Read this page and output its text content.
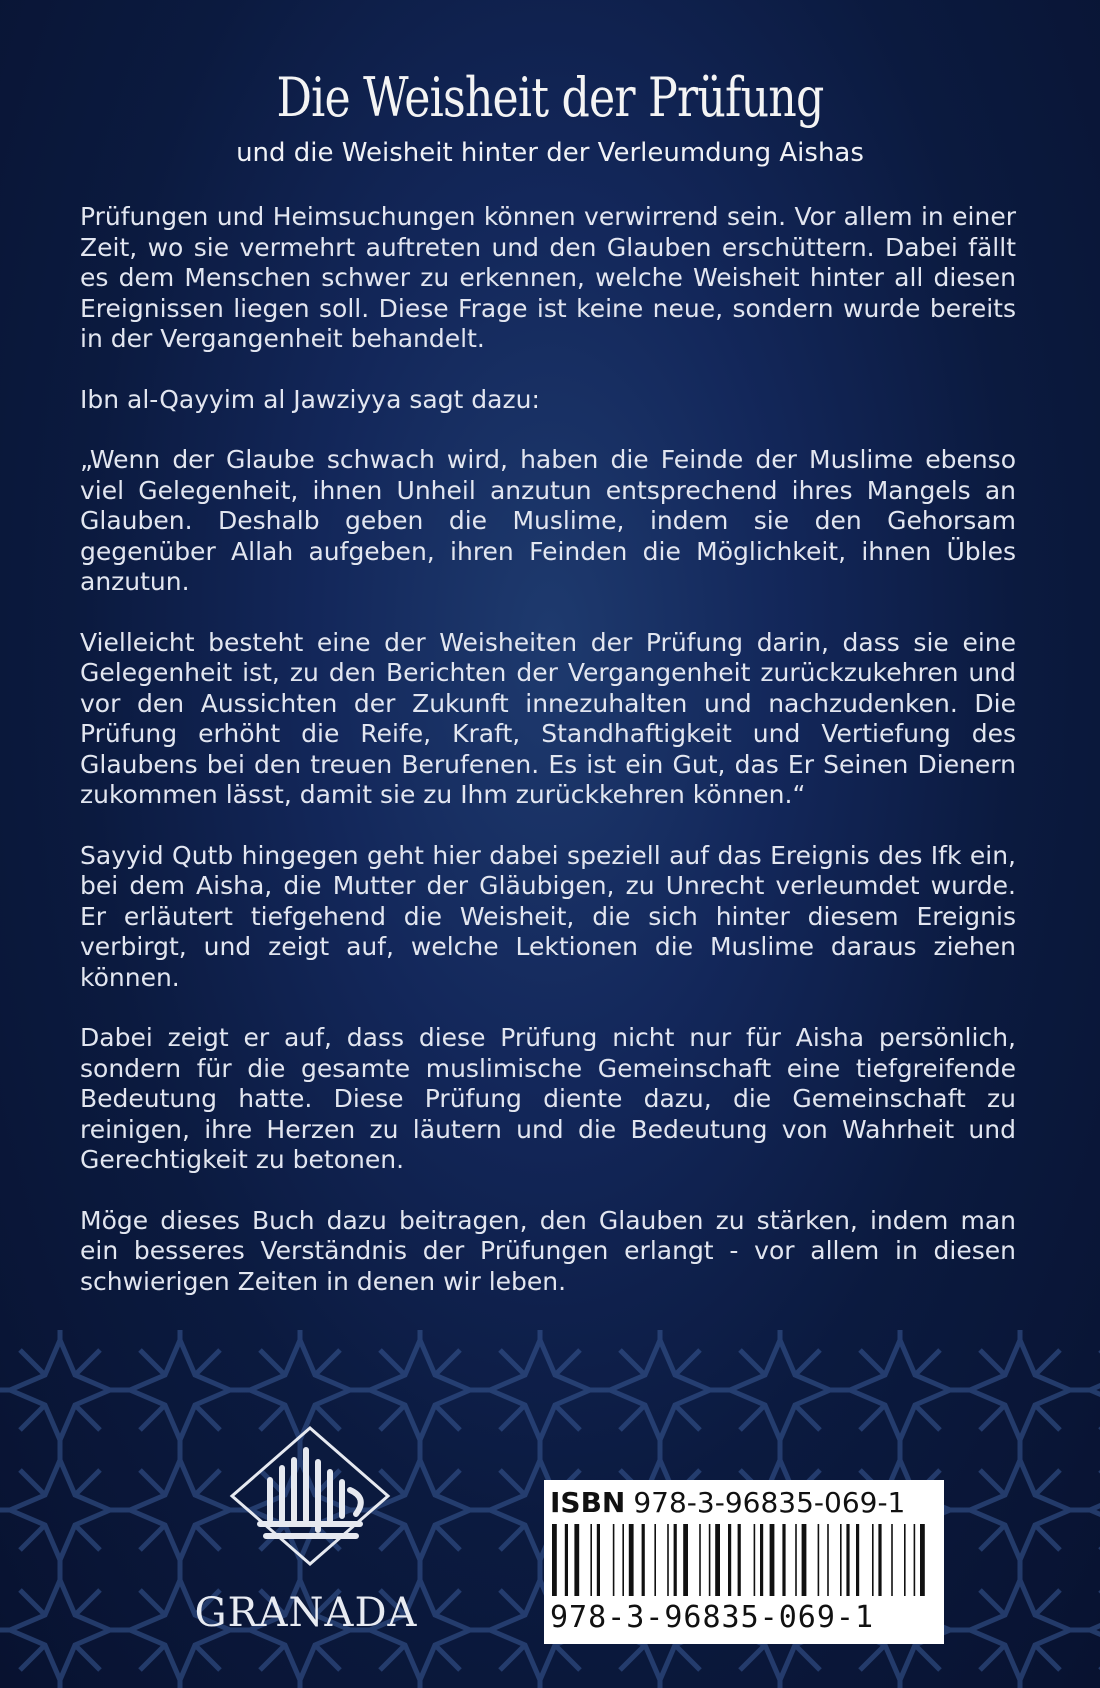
Die Weisheit der Prüfung
und die Weisheit hinter der Verleumdung Aishas

Prüfungen und Heimsuchungen können verwirrend sein. Vor allem in einer Zeit, wo sie vermehrt auftreten und den Glauben erschüttern. Dabei fällt es dem Menschen schwer zu erkennen, welche Weisheit hinter all diesen Ereignissen liegen soll. Diese Frage ist keine neue, sondern wurde bereits in der Vergangenheit behandelt.

Ibn al-Qayyim al Jawziyya sagt dazu:

„Wenn der Glaube schwach wird, haben die Feinde der Muslime ebenso viel Gelegenheit, ihnen Unheil anzutun entsprechend ihres Mangels an Glauben. Deshalb geben die Muslime, indem sie den Gehorsam gegenüber Allah aufgeben, ihren Feinden die Möglichkeit, ihnen Übles anzutun.

Vielleicht besteht eine der Weisheiten der Prüfung darin, dass sie eine Gelegenheit ist, zu den Berichten der Vergangenheit zurückzukehren und vor den Aussichten der Zukunft innezuhalten und nachzudenken. Die Prüfung erhöht die Reife, Kraft, Standhaftigkeit und Vertiefung des Glaubens bei den treuen Berufenen. Es ist ein Gut, das Er Seinen Dienern zukommen lässt, damit sie zu Ihm zurückkehren können.“

Sayyid Qutb hingegen geht hier dabei speziell auf das Ereignis des Ifk ein, bei dem Aisha, die Mutter der Gläubigen, zu Unrecht verleumdet wurde. Er erläutert tiefgehend die Weisheit, die sich hinter diesem Ereignis verbirgt, und zeigt auf, welche Lektionen die Muslime daraus ziehen können.

Dabei zeigt er auf, dass diese Prüfung nicht nur für Aisha persönlich, sondern für die gesamte muslimische Gemeinschaft eine tiefgreifende Bedeutung hatte. Diese Prüfung diente dazu, die Gemeinschaft zu reinigen, ihre Herzen zu läutern und die Bedeutung von Wahrheit und Gerechtigkeit zu betonen.

Möge dieses Buch dazu beitragen, den Glauben zu stärken, indem man ein besseres Verständnis der Prüfungen erlangt - vor allem in diesen schwierigen Zeiten in denen wir leben.

GRANADA
ISBN 978-3-96835-069-1
978-3-96835-069-1
